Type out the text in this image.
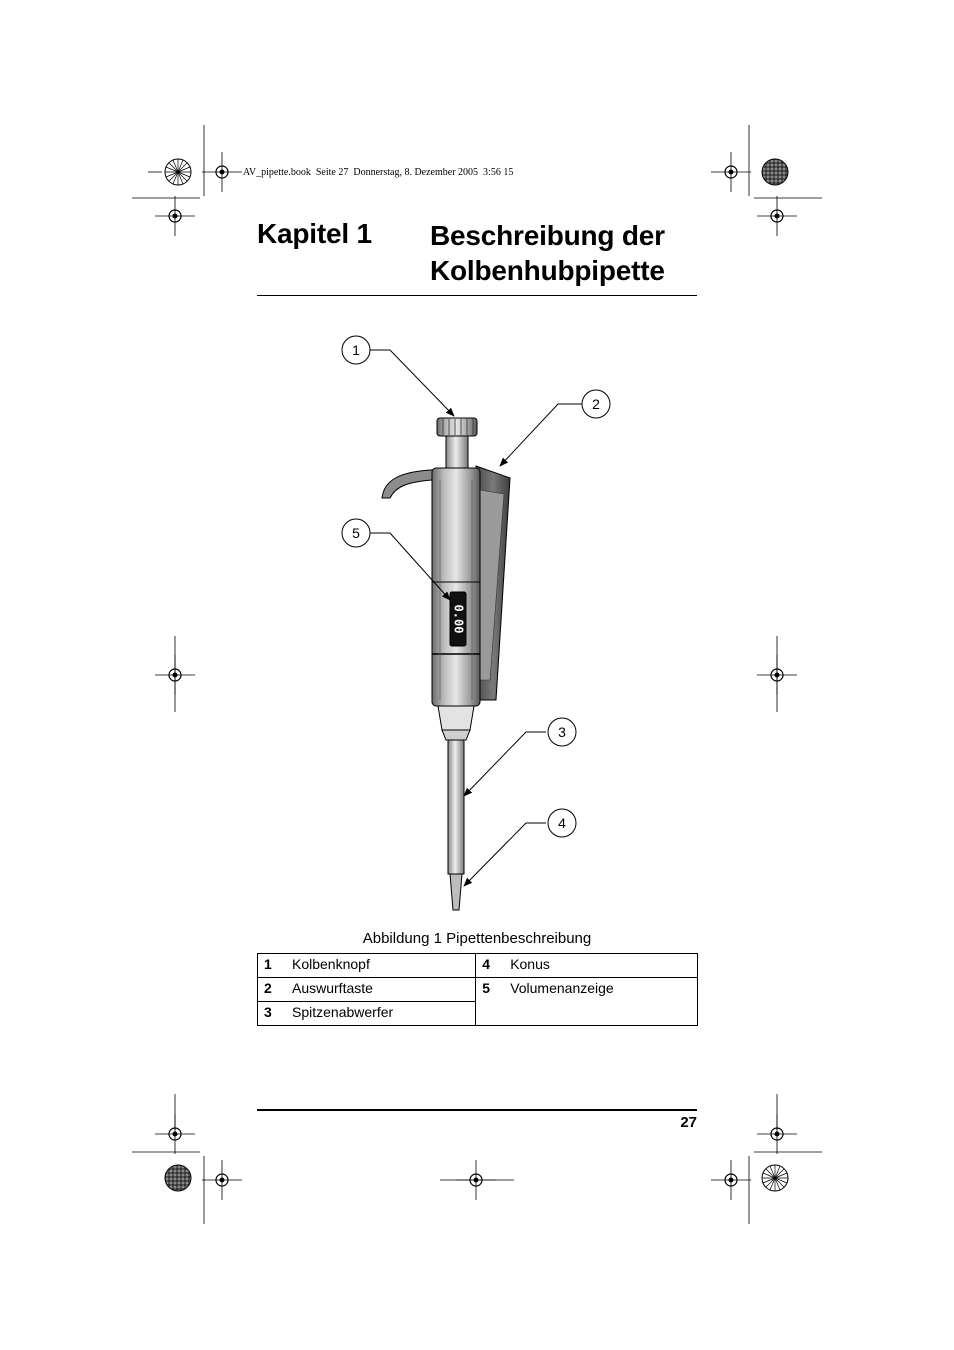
AV_pipette.book  Seite 27  Donnerstag, 8. Dezember 2005  3:56 15
Kapitel 1 Beschreibung der
Kolbenhubpipette
0.00
1
2
5
3
4
Abbildung 1 Pipettenbeschreibung
1 Kolbenknopf	4 Konus

2 Auswurftaste	5 Volumenanzeige

3 Spitzenabwerfer	
27
